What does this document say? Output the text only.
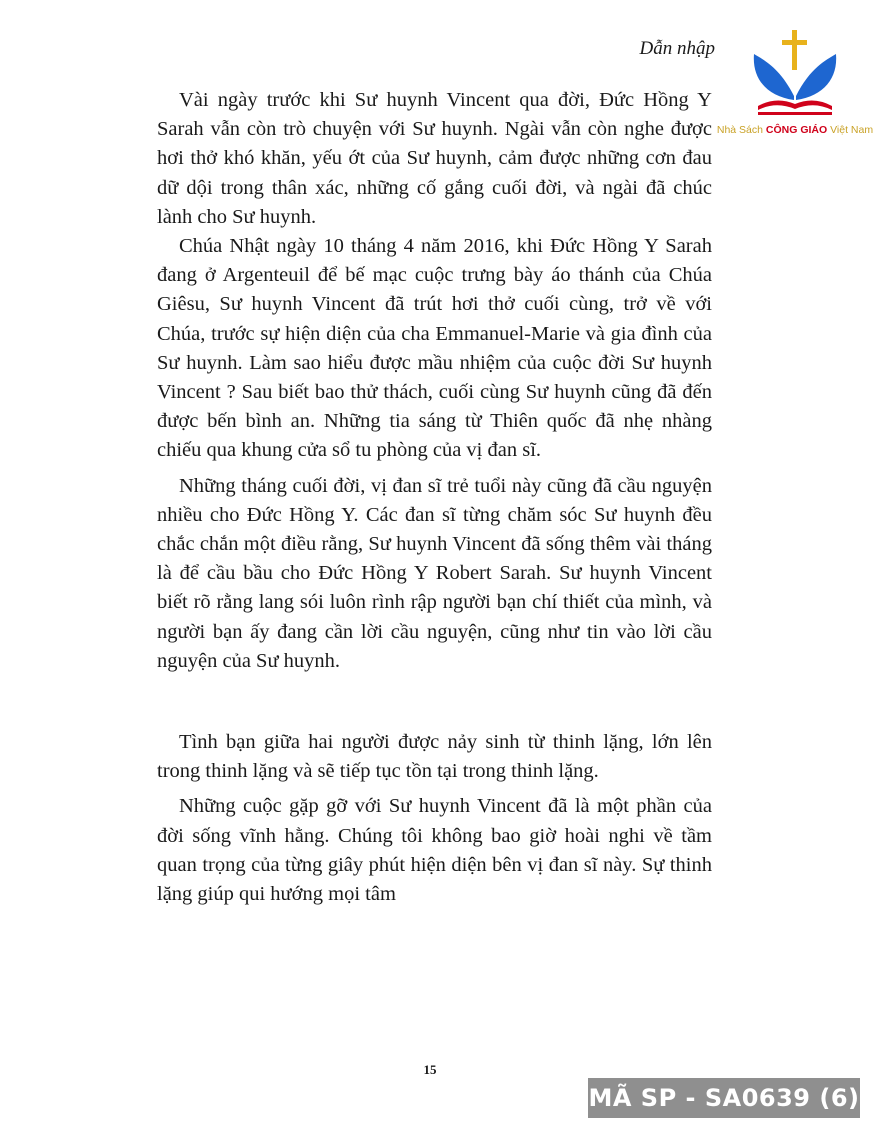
Dẫn nhập
Nhà Sách CÔNG GIÁO Việt Nam

Vài ngày trước khi Sư huynh Vincent qua đời, Đức Hồng Y Sarah vẫn còn trò chuyện với Sư huynh. Ngài vẫn còn nghe được hơi thở khó khăn, yếu ớt của Sư huynh, cảm được những cơn đau dữ dội trong thân xác, những cố gắng cuối đời, và ngài đã chúc lành cho Sư huynh.

Chúa Nhật ngày 10 tháng 4 năm 2016, khi Đức Hồng Y Sarah đang ở Argenteuil để bế mạc cuộc trưng bày áo thánh của Chúa Giêsu, Sư huynh Vincent đã trút hơi thở cuối cùng, trở về với Chúa, trước sự hiện diện của cha Emmanuel-Marie và gia đình của Sư huynh. Làm sao hiểu được mầu nhiệm của cuộc đời Sư huynh Vincent ? Sau biết bao thử thách, cuối cùng Sư huynh cũng đã đến được bến bình an. Những tia sáng từ Thiên quốc đã nhẹ nhàng chiếu qua khung cửa sổ tu phòng của vị đan sĩ.

Những tháng cuối đời, vị đan sĩ trẻ tuổi này cũng đã cầu nguyện nhiều cho Đức Hồng Y. Các đan sĩ từng chăm sóc Sư huynh đều chắc chắn một điều rằng, Sư huynh Vincent đã sống thêm vài tháng là để cầu bầu cho Đức Hồng Y Robert Sarah. Sư huynh Vincent biết rõ rằng lang sói luôn rình rập người bạn chí thiết của mình, và người bạn ấy đang cần lời cầu nguyện, cũng như tin vào lời cầu nguyện của Sư huynh.

Tình bạn giữa hai người được nảy sinh từ thinh lặng, lớn lên trong thinh lặng và sẽ tiếp tục tồn tại trong thinh lặng.

Những cuộc gặp gỡ với Sư huynh Vincent đã là một phần của đời sống vĩnh hằng. Chúng tôi không bao giờ hoài nghi về tầm quan trọng của từng giây phút hiện diện bên vị đan sĩ này. Sự thinh lặng giúp qui hướng mọi tâm

15
MÃ SP - SA0639 (6)
